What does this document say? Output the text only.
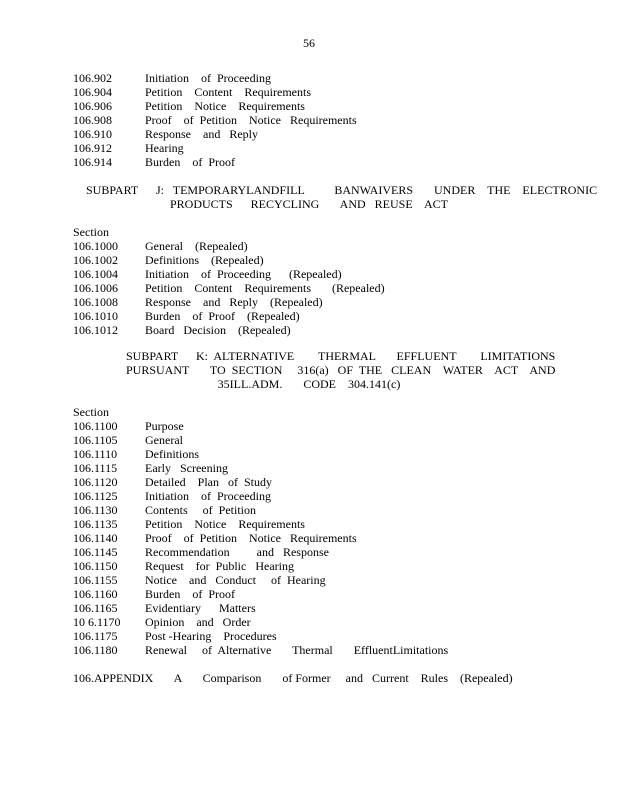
56
106.902	Initiation    of  Proceeding
106.904	Petition    Content    Requirements
106.906	Petition    Notice    Requirements
106.908	Proof    of  Petition    Notice   Requirements
106.910	Response    and   Reply
106.912	Hearing
106.914	Burden    of  Proof
SUBPART      J:   TEMPORARYLANDFILL          BANWAIVERS       UNDER    THE    ELECTRONIC
PRODUCTS      RECYCLING       AND   REUSE    ACT
Section
106.1000	General    (Repealed)
106.1002	Definitions    (Repealed)
106.1004	Initiation    of  Proceeding      (Repealed)
106.1006	Petition    Content    Requirements       (Repealed)
106.1008	Response    and   Reply    (Repealed)
106.1010	Burden    of  Proof    (Repealed)
106.1012	Board   Decision    (Repealed)
SUBPART      K:  ALTERNATIVE        THERMAL       EFFLUENT        LIMITATIONS
PURSUANT       TO  SECTION     316(a)   OF  THE   CLEAN    WATER    ACT    AND
35ILL.ADM.       CODE    304.141(c)
Section
106.1100	Purpose
106.1105	General
106.1110	Definitions
106.1115	Early   Screening
106.1120	Detailed    Plan   of  Study
106.1125	Initiation    of  Proceeding
106.1130	Contents     of  Petition
106.1135	Petition    Notice    Requirements
106.1140	Proof    of  Petition    Notice   Requirements
106.1145	Recommendation         and   Response
106.1150	Request    for  Public   Hearing
106.1155	Notice    and   Conduct     of  Hearing
106.1160	Burden    of  Proof
106.1165	Evidentiary      Matters
10 6.1170	Opinion    and   Order
106.1175	Post -Hearing    Procedures
106.1180	Renewal     of  Alternative       Thermal       EffluentLimitations
106.APPENDIX       A       Comparison       of Former     and   Current    Rules    (Repealed)
